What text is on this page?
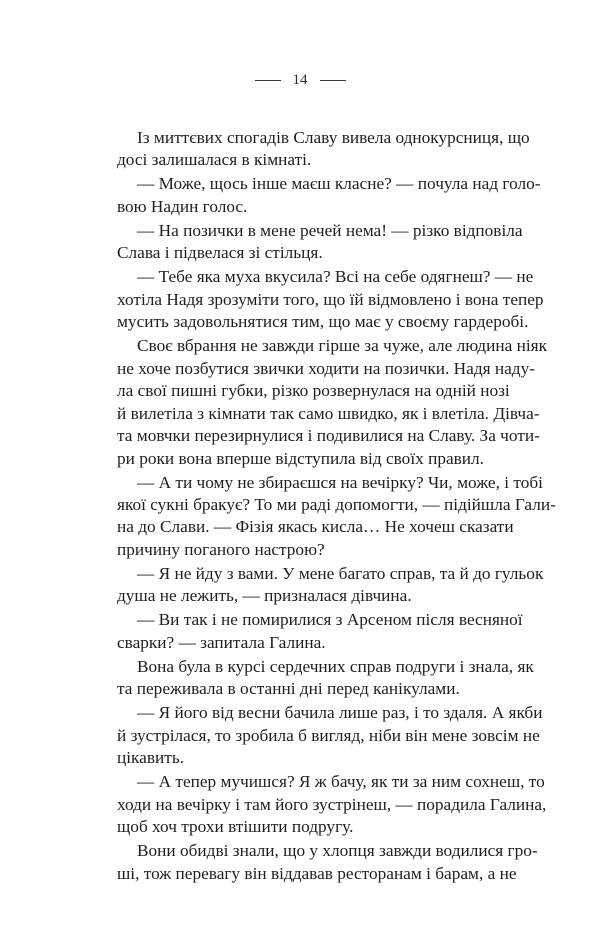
14
Із миттєвих спогадів Славу вивела однокурсниця, що
досі залишалася в кімнаті.
— Може, щось інше маєш класне? — почула над голо-
вою Надин голос.
— На позички в мене речей нема! — різко відповіла
Слава і підвелася зі стільця.
— Тебе яка муха вкусила? Всі на себе одягнеш? — не
хотіла Надя зрозуміти того, що їй відмовлено і вона тепер
мусить задовольнятися тим, що має у своєму гардеробі.
Своє вбрання не завжди гірше за чуже, але людина ніяк
не хоче позбутися звички ходити на позички. Надя наду-
ла свої пишні губки, різко розвернулася на одній нозі
й вилетіла з кімнати так само швидко, як і влетіла. Дівча-
та мовчки перезирнулися і подивилися на Славу. За чоти-
ри роки вона вперше відступила від своїх правил.
— А ти чому не збираєшся на вечірку? Чи, може, і тобі
якої сукні бракує? То ми раді допомогти, — підійшла Гали-
на до Слави. — Фізія якась кисла… Не хочеш сказати
причину поганого настрою?
— Я не йду з вами. У мене багато справ, та й до гульок
душа не лежить, — призналася дівчина.
— Ви так і не помирилися з Арсеном після весняної
сварки? — запитала Галина.
Вона була в курсі сердечних справ подруги і знала, як
та переживала в останні дні перед канікулами.
— Я його від весни бачила лише раз, і то здаля. А якби
й зустрілася, то зробила б вигляд, ніби він мене зовсім не
цікавить.
— А тепер мучишся? Я ж бачу, як ти за ним сохнеш, то
ходи на вечірку і там його зустрінеш, — порадила Галина,
щоб хоч трохи втішити подругу.
Вони обидві знали, що у хлопця завжди водилися гро-
ші, тож перевагу він віддавав ресторанам і барам, а не
